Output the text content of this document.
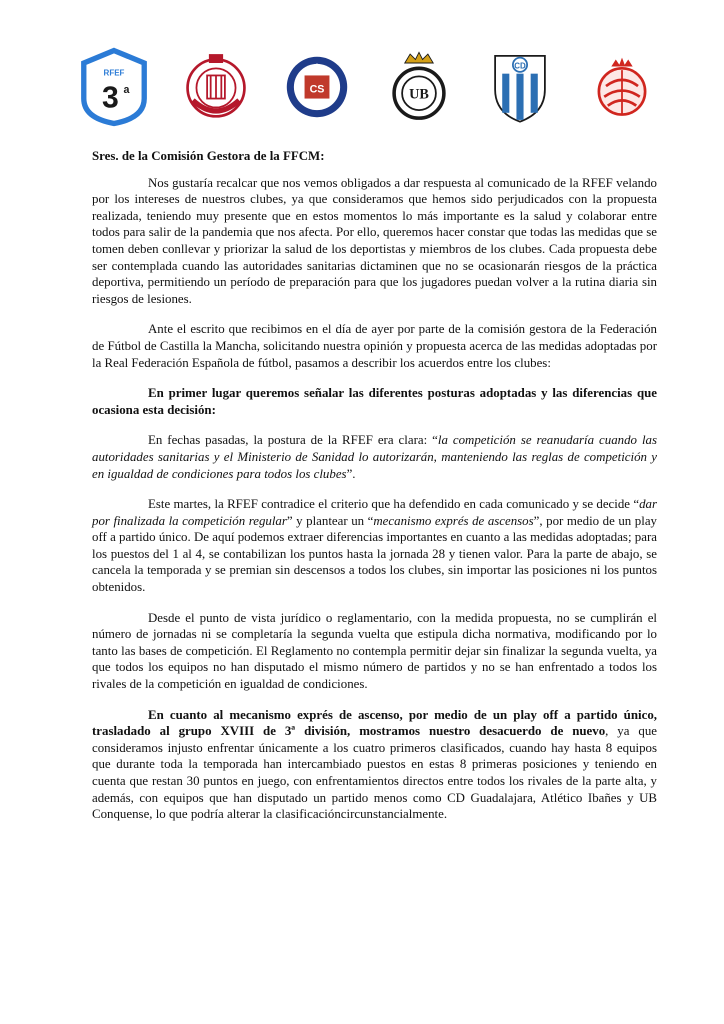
RFEF
3 a	CS	UB
CD
Sres. de la Comisión Gestora de la FFCM:

Nos gustaría recalcar que nos vemos obligados a dar respuesta al comunicado de la RFEF velando por los intereses de nuestros clubes, ya que consideramos que hemos sido perjudicados con la propuesta realizada, teniendo muy presente que en estos momentos lo más importante es la salud y colaborar entre todos para salir de la pandemia que nos afecta. Por ello, queremos hacer constar que todas las medidas que se tomen deben conllevar y priorizar la salud de los deportistas y miembros de los clubes. Cada propuesta debe ser contemplada cuando las autoridades sanitarias dictaminen que no se ocasionarán riesgos de la práctica deportiva, permitiendo un período de preparación para que los jugadores puedan volver a la rutina diaria sin riesgos de lesiones.

Ante el escrito que recibimos en el día de ayer por parte de la comisión gestora de la Federación de Fútbol de Castilla la Mancha, solicitando nuestra opinión y propuesta acerca de las medidas adoptadas por la Real Federación Española de fútbol, pasamos a describir los acuerdos entre los clubes:

En primer lugar queremos señalar las diferentes posturas adoptadas y las diferencias que ocasiona esta decisión:

En fechas pasadas, la postura de la RFEF era clara: “la competición se reanudaría cuando las autoridades sanitarias y el Ministerio de Sanidad lo autorizarán, manteniendo las reglas de competición y en igualdad de condiciones para todos los clubes”.

Este martes, la RFEF contradice el criterio que ha defendido en cada comunicado y se decide “dar por finalizada la competición regular” y plantear un “mecanismo exprés de ascensos”, por medio de un play off a partido único. De aquí podemos extraer diferencias importantes en cuanto a las medidas adoptadas; para los puestos del 1 al 4, se contabilizan los puntos hasta la jornada 28 y tienen valor. Para la parte de abajo, se cancela la temporada y se premian sin descensos a todos los clubes, sin importar las posiciones ni los puntos obtenidos.

Desde el punto de vista jurídico o reglamentario, con la medida propuesta, no se cumplirán el número de jornadas ni se completaría la segunda vuelta que estipula dicha normativa, modificando por lo tanto las bases de competición. El Reglamento no contempla permitir dejar sin finalizar la segunda vuelta, ya que todos los equipos no han disputado el mismo número de partidos y no se han enfrentado a todos los rivales de la competición en igualdad de condiciones.

En cuanto al mecanismo exprés de ascenso, por medio de un play off a partido único, trasladado al grupo XVIII de 3ª división, mostramos nuestro desacuerdo de nuevo, ya que consideramos injusto enfrentar únicamente a los cuatro primeros clasificados, cuando hay hasta 8 equipos que durante toda la temporada han intercambiado puestos en estas 8 primeras posiciones y teniendo en cuenta que restan 30 puntos en juego, con enfrentamientos directos entre todos los rivales de la parte alta, y además, con equipos que han disputado un partido menos como CD Guadalajara, Atlético Ibañes y UB Conquense, lo que podría alterar la clasificacióncircunstancialmente.
